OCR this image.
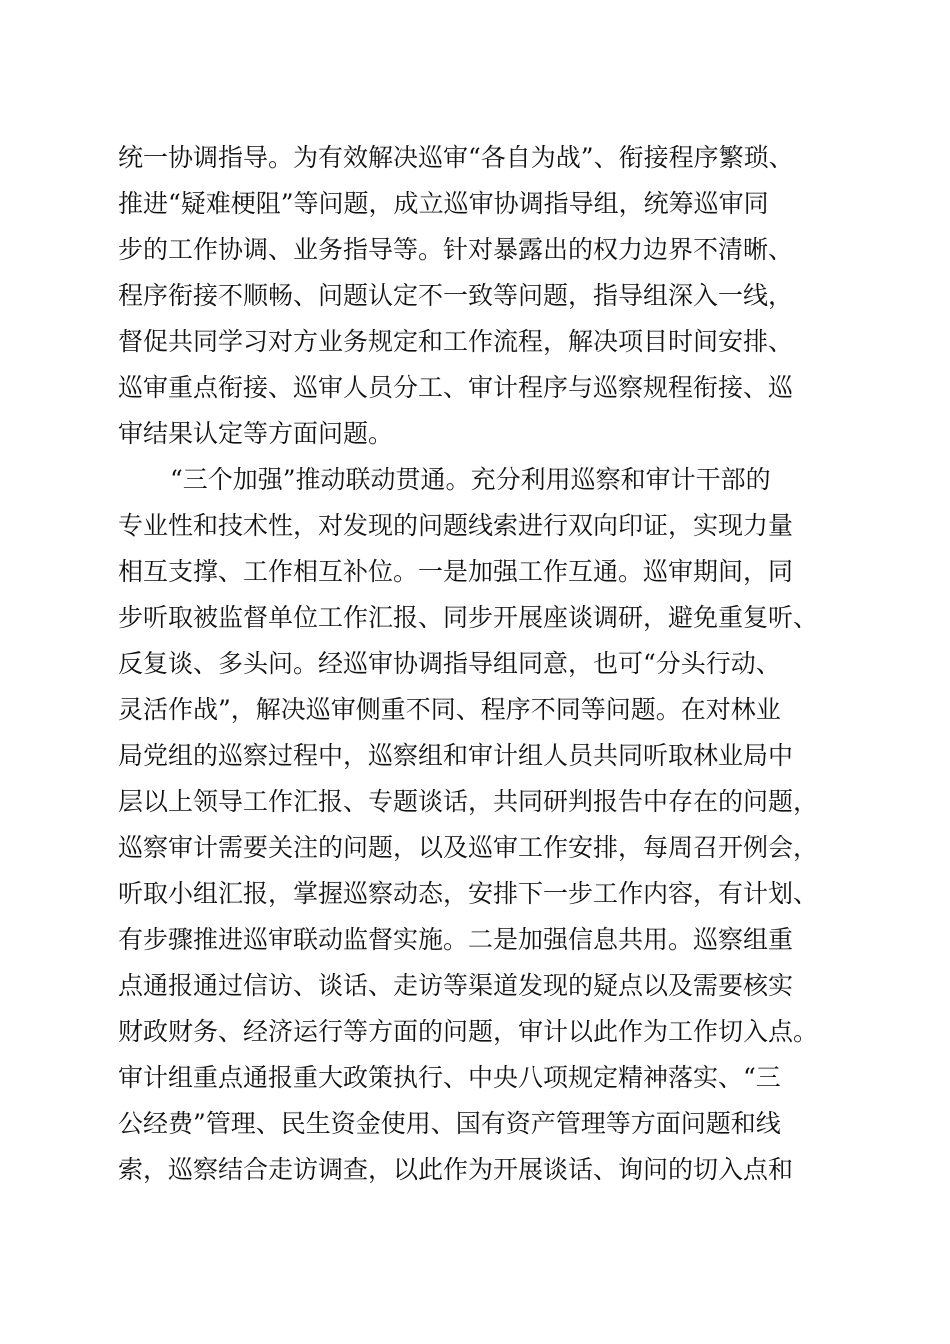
统一协调指导。为有效解决巡审“各自为战”、衔接程序繁琐、
推进“疑难梗阻”等问题，成立巡审协调指导组，统筹巡审同
步的工作协调、业务指导等。针对暴露出的权力边界不清晰、
程序衔接不顺畅、问题认定不一致等问题，指导组深入一线，
督促共同学习对方业务规定和工作流程，解决项目时间安排、
巡审重点衔接、巡审人员分工、审计程序与巡察规程衔接、巡
审结果认定等方面问题。
“三个加强”推动联动贯通。充分利用巡察和审计干部的
专业性和技术性，对发现的问题线索进行双向印证，实现力量
相互支撑、工作相互补位。一是加强工作互通。巡审期间，同
步听取被监督单位工作汇报、同步开展座谈调研，避免重复听、
反复谈、多头问。经巡审协调指导组同意，也可“分头行动、
灵活作战”，解决巡审侧重不同、程序不同等问题。在对林业
局党组的巡察过程中，巡察组和审计组人员共同听取林业局中
层以上领导工作汇报、专题谈话，共同研判报告中存在的问题，
巡察审计需要关注的问题，以及巡审工作安排，每周召开例会，
听取小组汇报，掌握巡察动态，安排下一步工作内容，有计划、
有步骤推进巡审联动监督实施。二是加强信息共用。巡察组重
点通报通过信访、谈话、走访等渠道发现的疑点以及需要核实
财政财务、经济运行等方面的问题，审计以此作为工作切入点。
审计组重点通报重大政策执行、中央八项规定精神落实、“三
公经费”管理、民生资金使用、国有资产管理等方面问题和线
索，巡察结合走访调查，以此作为开展谈话、询问的切入点和
